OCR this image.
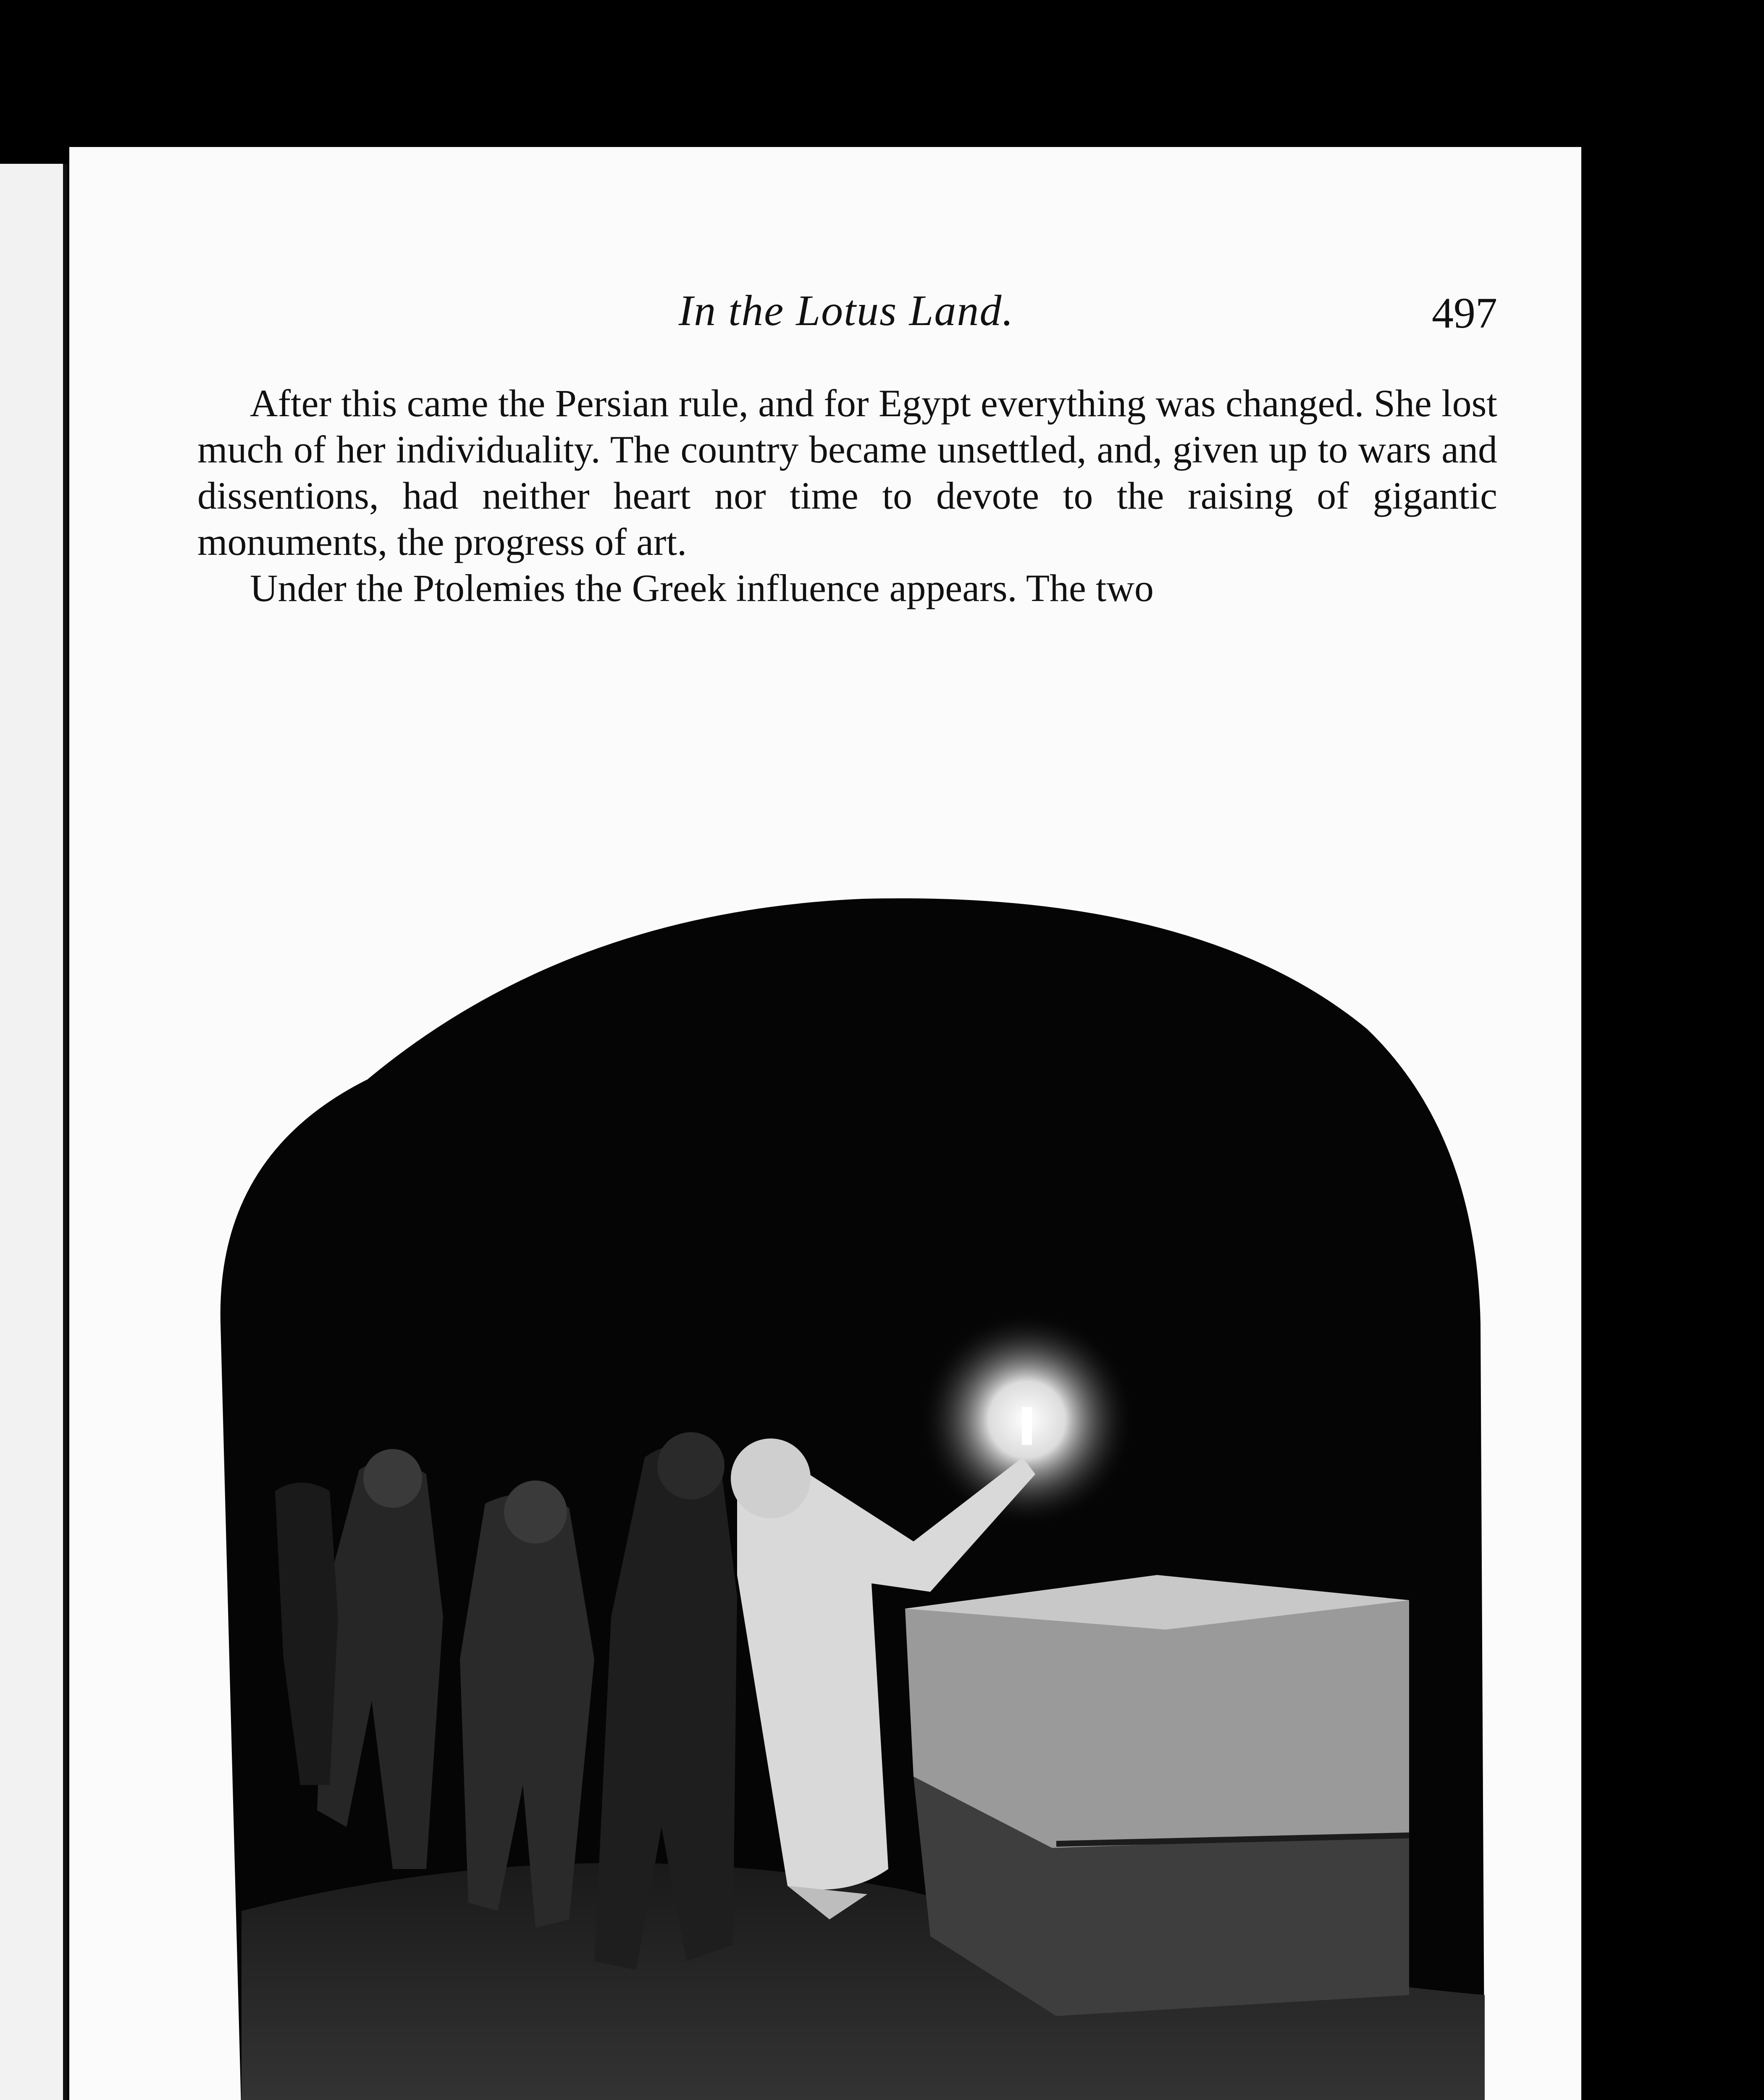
In the Lotus Land.	497

After this came the Persian rule, and for Egypt everything was changed. She lost much of her individuality. The country became unsettled, and, given up to wars and dissentions, had neither heart nor time to devote to the raising of gigantic monuments, the progress of art.

Under the Ptolemies the Greek influence appears. The two
